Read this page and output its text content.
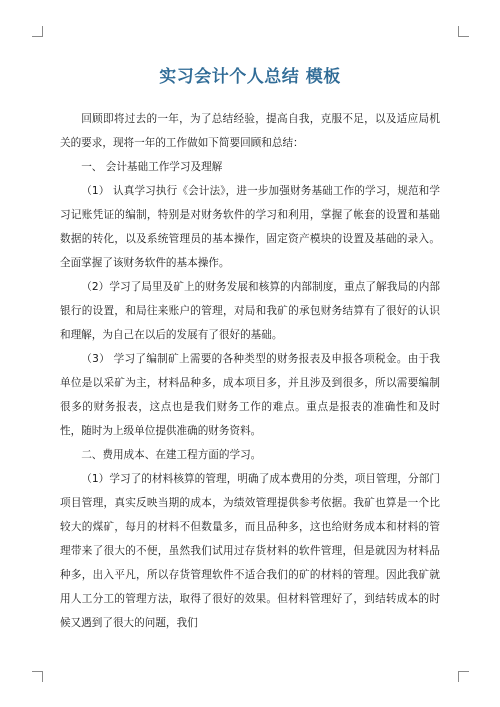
实习会计个人总结 模板

回顾即将过去的一年，为了总结经验，提高自我，克服不足，以及适应局机关的要求，现将一年的工作做如下简要回顾和总结：

一、 会计基础工作学习及理解

（1） 认真学习执行《会计法》，进一步加强财务基础工作的学习，规范和学习记账凭证的编制，特别是对财务软件的学习和利用，掌握了帐套的设置和基础数据的转化，以及系统管理员的基本操作，固定资产模块的设置及基础的录入。全面掌握了该财务软件的基本操作。

（2）学习了局里及矿上的财务发展和核算的内部制度，重点了解我局的内部银行的设置，和局往来账户的管理，对局和我矿的承包财务结算有了很好的认识和理解，为自己在以后的发展有了很好的基础。

（3） 学习了编制矿上需要的各种类型的财务报表及申报各项税金。由于我单位是以采矿为主，材料品种多，成本项目多，并且涉及到很多，所以需要编制很多的财务报表，这点也是我们财务工作的难点。重点是报表的准确性和及时性，随时为上级单位提供准确的财务资料。

二、费用成本、在建工程方面的学习。

（1）学习了的材料核算的管理，明确了成本费用的分类，项目管理，分部门项目管理，真实反映当期的成本，为绩效管理提供参考依据。我矿也算是一个比较大的煤矿，每月的材料不但数量多，而且品种多，这也给财务成本和材料的管理带来了很大的不便，虽然我们试用过存货材料的软件管理，但是就因为材料品种多，出入平凡，所以存货管理软件不适合我们的矿的材料的管理。因此我矿就用人工分工的管理方法，取得了很好的效果。但材料管理好了，到结转成本的时候又遇到了很大的问题，我们
